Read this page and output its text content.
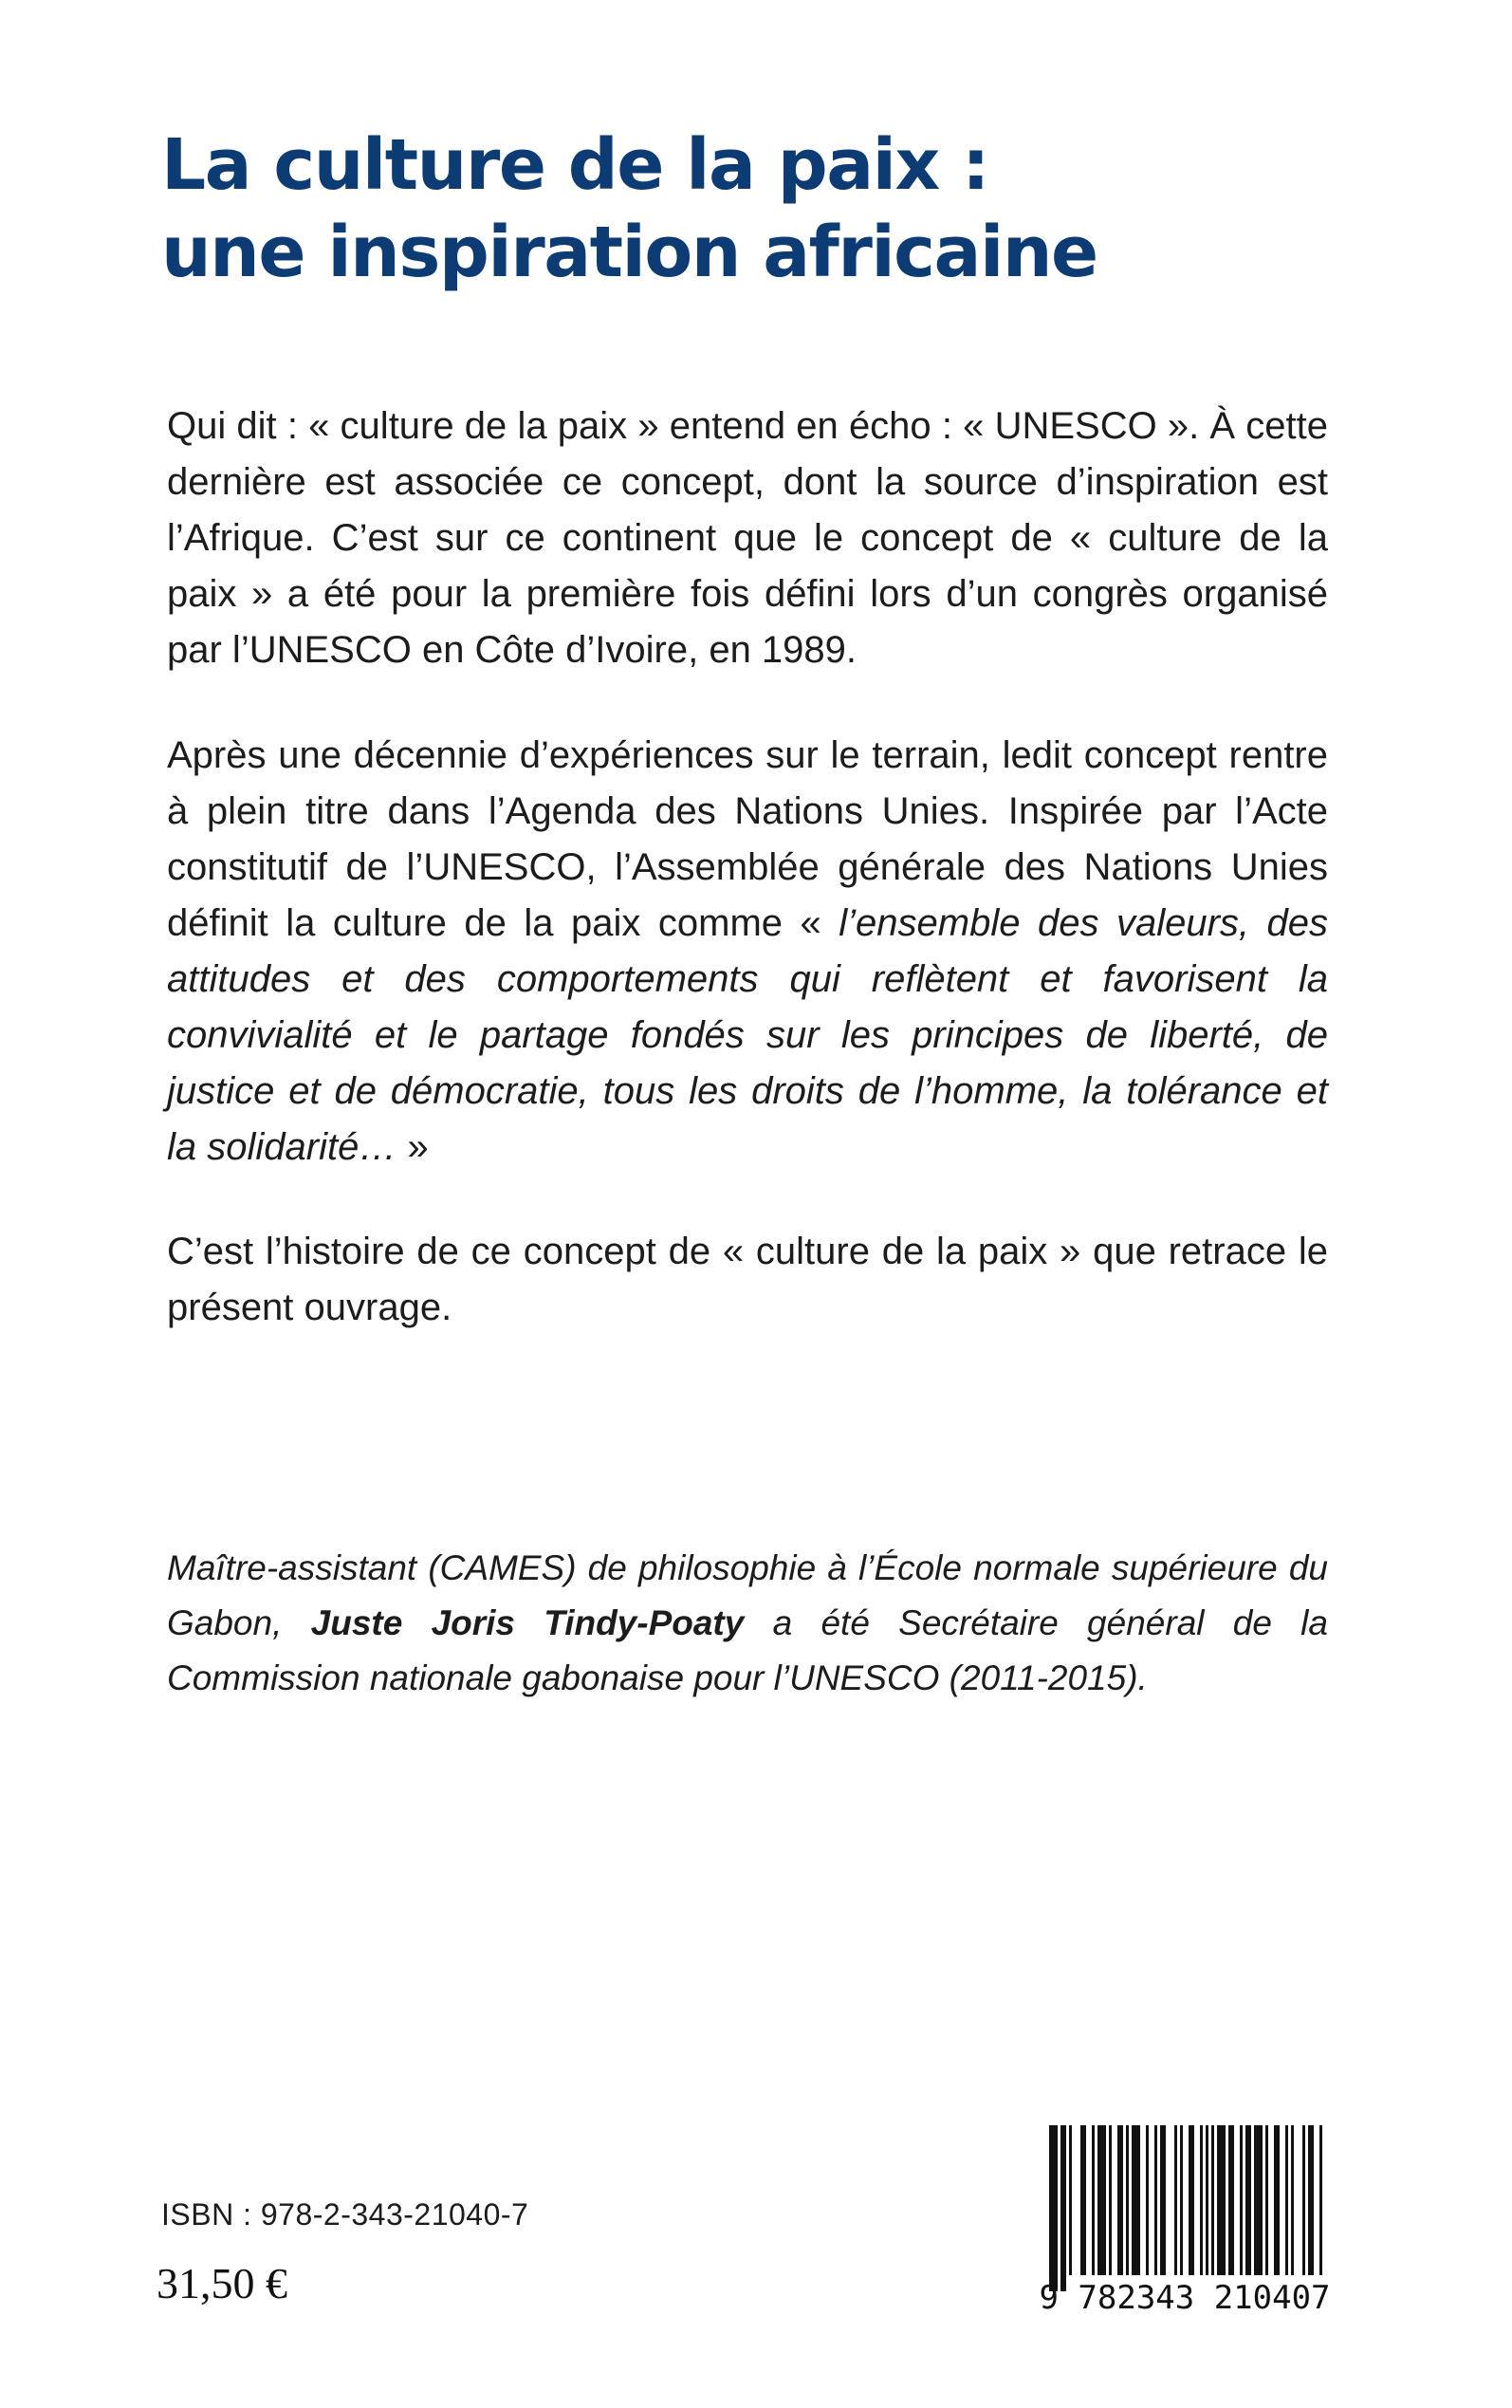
La culture de la paix :
une inspiration africaine

Qui dit : « culture de la paix » entend en écho : « UNESCO ». À cette dernière est associée ce concept, dont la source d’inspiration est l’Afrique. C’est sur ce continent que le concept de « culture de la paix » a été pour la première fois défini lors d’un congrès organisé par l’UNESCO en Côte d’Ivoire, en 1989.

Après une décennie d’expériences sur le terrain, ledit concept rentre à plein titre dans l’Agenda des Nations Unies. Inspirée par l’Acte constitutif de l’UNESCO, l’Assemblée générale des Nations Unies définit la culture de la paix comme « l’ensemble des valeurs, des attitudes et des comportements qui reflètent et favorisent la convivialité et le partage fondés sur les principes de liberté, de justice et de démocratie, tous les droits de l’homme, la tolérance et la solidarité… »

C’est l’histoire de ce concept de « culture de la paix » que retrace le présent ouvrage.

Maître-assistant (CAMES) de philosophie à l’École normale supérieure du Gabon, Juste Joris Tindy-Poaty a été Secrétaire général de la Commission nationale gabonaise pour l’UNESCO (2011-2015).
ISBN : 978-2-343-21040-7
31,50 €	9 782343 210407
